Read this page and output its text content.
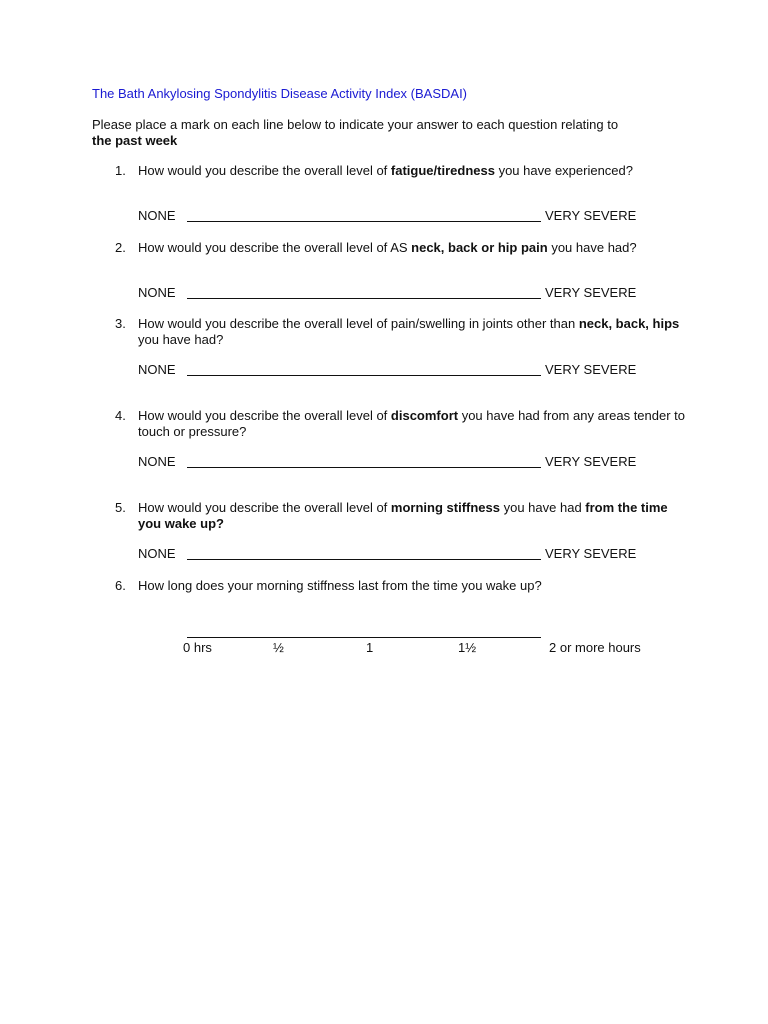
The Bath Ankylosing Spondylitis Disease Activity Index (BASDAI)
Please place a mark on each line below to indicate your answer to each question relating to
the past week
1. How would you describe the overall level of fatigue/tiredness you have experienced?
NONE	VERY SEVERE
2. How would you describe the overall level of AS neck, back or hip pain you have had?
NONE	VERY SEVERE
3. How would you describe the overall level of pain/swelling in joints other than neck, back, hips you have had?
NONE	VERY SEVERE
4. How would you describe the overall level of discomfort you have had from any areas tender to touch or pressure?
NONE	VERY SEVERE
5. How would you describe the overall level of morning stiffness you have had from the time you wake up?
NONE	VERY SEVERE
6. How long does your morning stiffness last from the time you wake up?
0 hrs	½	1	1½	2 or more hours
